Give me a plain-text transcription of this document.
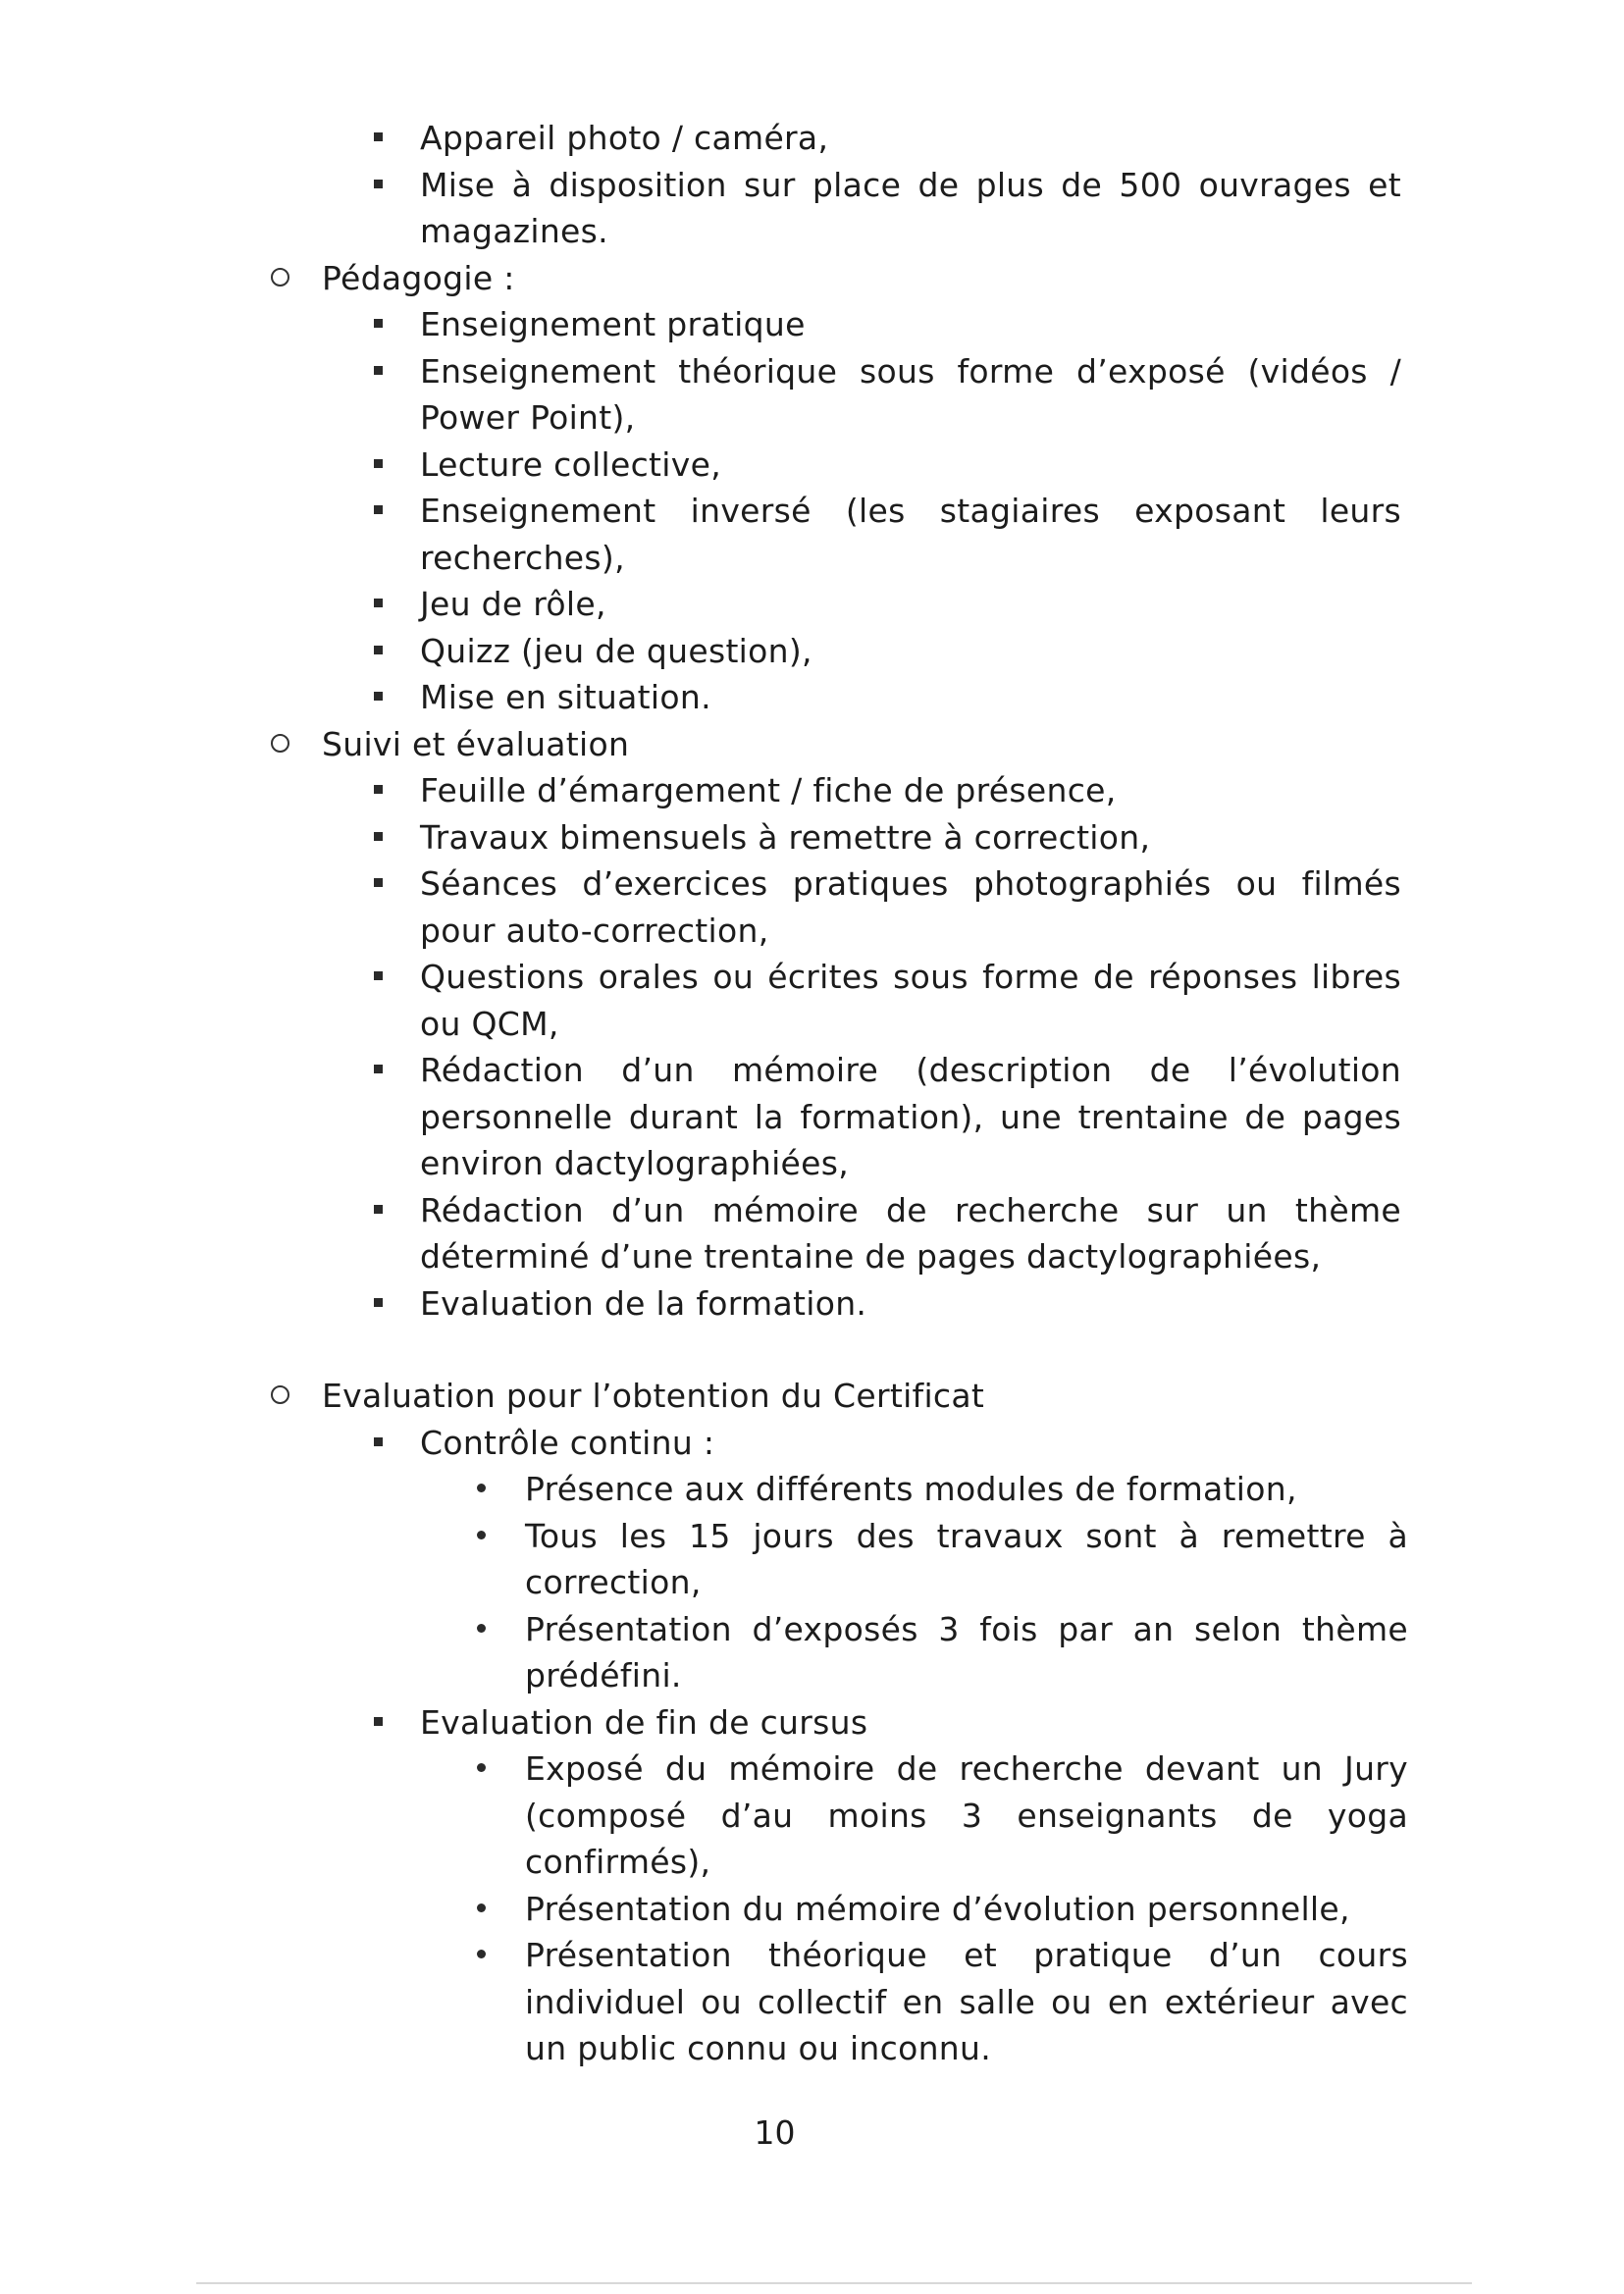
Appareil photo / caméra,
Mise à disposition sur place de plus de 500 ouvrages et magazines.
Pédagogie :
Enseignement pratique
Enseignement théorique sous forme d’exposé (vidéos / Power Point),
Lecture collective,
Enseignement inversé (les stagiaires exposant leurs recherches),
Jeu de rôle,
Quizz (jeu de question),
Mise en situation.
Suivi et évaluation
Feuille d’émargement / fiche de présence,
Travaux bimensuels à remettre à correction,
Séances d’exercices pratiques photographiés ou filmés pour auto-correction,
Questions orales ou écrites sous forme de réponses libres ou QCM,
Rédaction d’un mémoire (description de l’évolution personnelle durant la formation), une trentaine de pages environ dactylographiées,
Rédaction d’un mémoire de recherche sur un thème déterminé d’une trentaine de pages dactylographiées,
Evaluation de la formation.
Evaluation pour l’obtention du Certificat
Contrôle continu :
Présence aux différents modules de formation,
Tous les 15 jours des travaux sont à remettre à correction,
Présentation d’exposés 3 fois par an selon thème prédéfini.
Evaluation de fin de cursus
Exposé du mémoire de recherche devant un Jury (composé d’au moins 3 enseignants de yoga confirmés),
Présentation du mémoire d’évolution personnelle,
Présentation théorique et pratique d’un cours individuel ou collectif en salle ou en extérieur avec un public connu ou inconnu.
10
